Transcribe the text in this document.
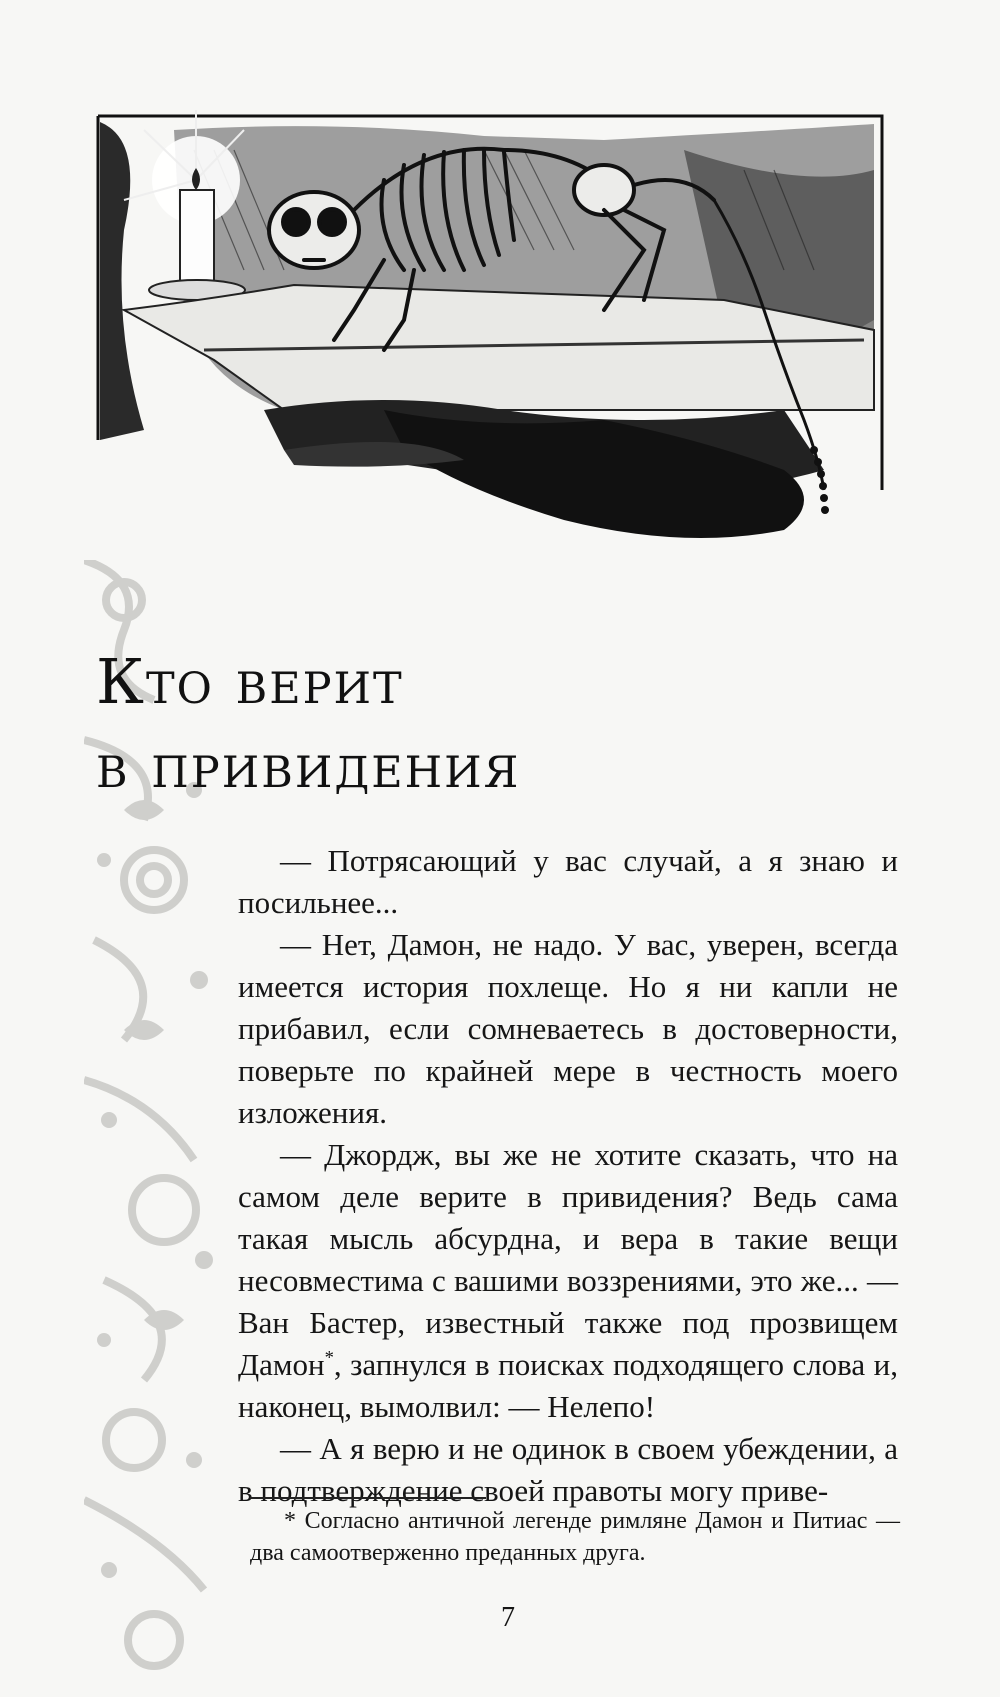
Кто верит
в привидения

— Потрясающий у вас случай, а я знаю и посильнее...

— Нет, Дамон, не надо. У вас, уверен, всегда имеется история похлеще. Но я ни капли не прибавил, если сомневаетесь в достоверности, поверьте по крайней мере в честность моего изложения.

— Джордж, вы же не хотите сказать, что на самом деле верите в привидения? Ведь сама такая мысль абсурдна, и вера в такие вещи несовместима с вашими воззрениями, это же... — Ван Бастер, известный также под прозвищем Дамон*, запнулся в поисках подходящего слова и, наконец, вымолвил: — Нелепо!

— А я верю и не одинок в своем убеждении, а в подтверждение своей правоты могу приве-

* Согласно античной легенде римляне Дамон и Питиас — два самоотверженно преданных друга.
7
